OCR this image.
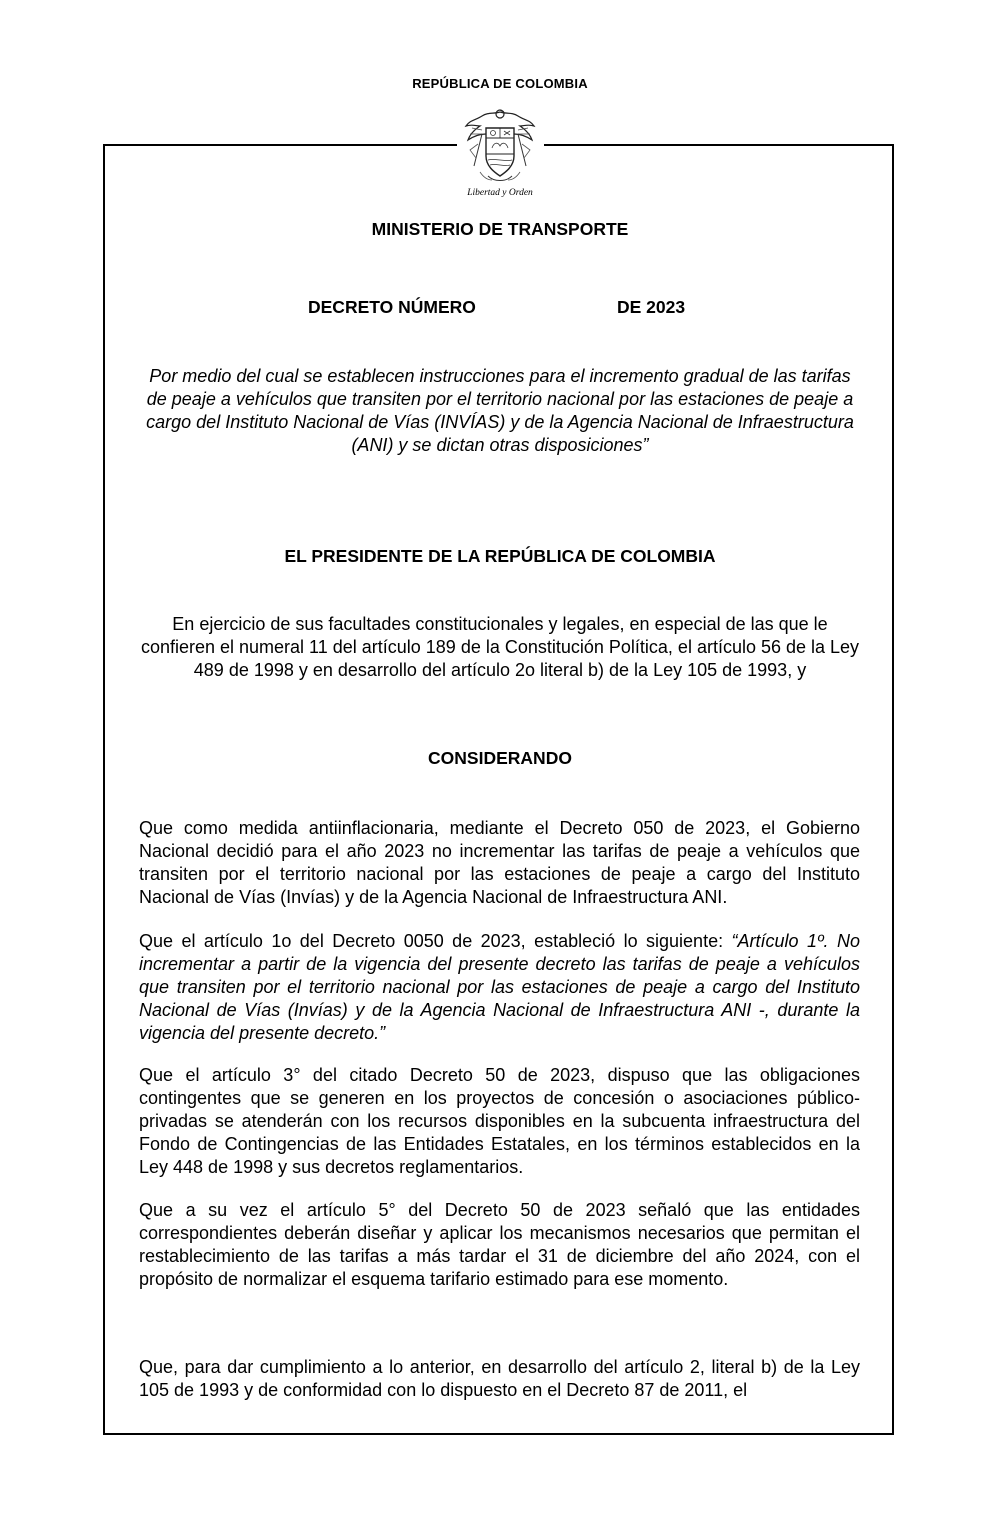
REPÚBLICA DE COLOMBIA
Libertad y Orden
MINISTERIO DE TRANSPORTE
DECRETO NÚMERO	DE 2023
Por medio del cual se establecen instrucciones para el incremento gradual de las tarifas de peaje a vehículos que transiten por el territorio nacional por las estaciones de peaje a cargo del Instituto Nacional de Vías (INVÍAS) y de la Agencia Nacional de Infraestructura (ANI) y se dictan otras disposiciones”
EL PRESIDENTE DE LA REPÚBLICA DE COLOMBIA
En ejercicio de sus facultades constitucionales y legales, en especial de las que le confieren el numeral 11 del artículo 189 de la Constitución Política, el artículo 56 de la Ley 489 de 1998 y en desarrollo del artículo 2o literal b) de la Ley 105 de 1993, y
CONSIDERANDO
Que como medida antiinflacionaria, mediante el Decreto 050 de 2023, el Gobierno Nacional decidió para el año 2023 no incrementar las tarifas de peaje a vehículos que transiten por el territorio nacional por las estaciones de peaje a cargo del Instituto Nacional de Vías (Invías) y de la Agencia Nacional de Infraestructura ANI.
Que el artículo 1o del Decreto 0050 de 2023, estableció lo siguiente: “Artículo 1º. No incrementar a partir de la vigencia del presente decreto las tarifas de peaje a vehículos que transiten por el territorio nacional por las estaciones de peaje a cargo del Instituto Nacional de Vías (Invías) y de la Agencia Nacional de Infraestructura ANI -, durante la vigencia del presente decreto.”
Que el artículo 3° del citado Decreto 50 de 2023, dispuso que las obligaciones contingentes que se generen en los proyectos de concesión o asociaciones público-privadas se atenderán con los recursos disponibles en la subcuenta infraestructura del Fondo de Contingencias de las Entidades Estatales, en los términos establecidos en la Ley 448 de 1998 y sus decretos reglamentarios.
Que a su vez el artículo 5° del Decreto 50 de 2023 señaló que las entidades correspondientes deberán diseñar y aplicar los mecanismos necesarios que permitan el restablecimiento de las tarifas a más tardar el 31 de diciembre del año 2024, con el propósito de normalizar el esquema tarifario estimado para ese momento.
Que, para dar cumplimiento a lo anterior, en desarrollo del artículo 2, literal b) de la Ley 105 de 1993 y de conformidad con lo dispuesto en el Decreto 87 de 2011, el
